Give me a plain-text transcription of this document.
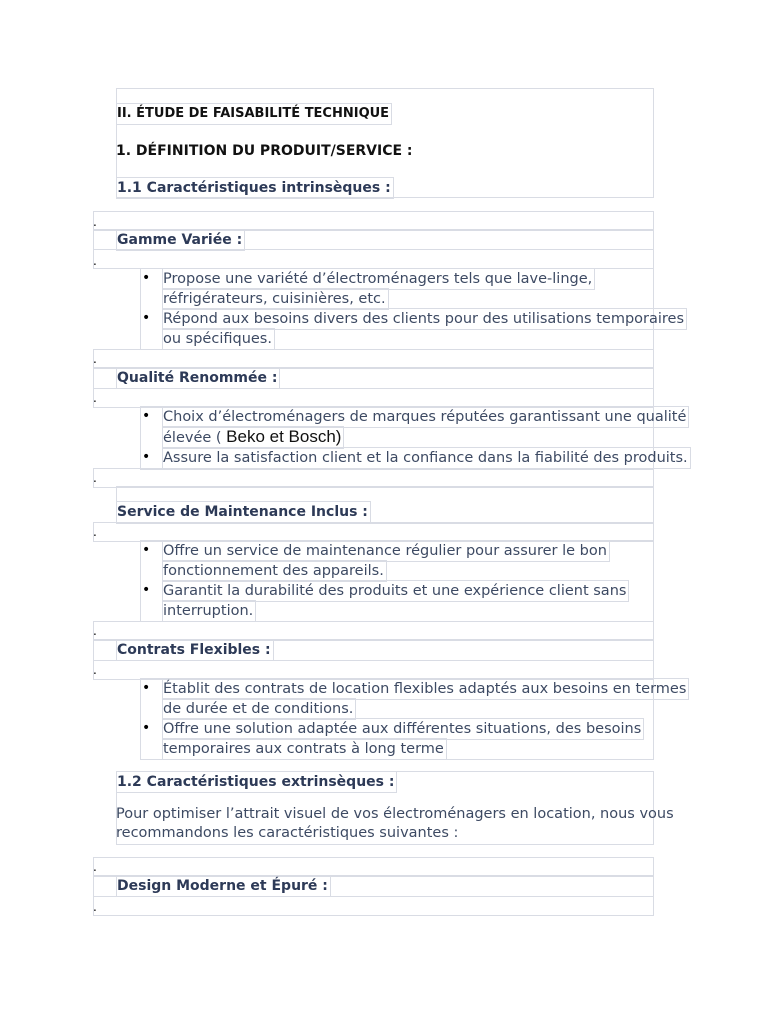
II. ÉTUDE DE FAISABILITÉ TECHNIQUE
1. DÉFINITION DU PRODUIT/SERVICE :
1.1 Caractéristiques intrinsèques :
.
Gamme Variée :
.
• Propose une variété d’électroménagers tels que lave-linge,
réfrigérateurs, cuisinières, etc.
• Répond aux besoins divers des clients pour des utilisations temporaires
ou spécifiques.
.
Qualité Renommée :
.
• Choix d’électroménagers de marques réputées garantissant une qualité
élevée ( Beko et Bosch)
• Assure la satisfaction client et la confiance dans la fiabilité des produits.
.
Service de Maintenance Inclus :
.
• Offre un service de maintenance régulier pour assurer le bon
fonctionnement des appareils.
• Garantit la durabilité des produits et une expérience client sans
interruption.
.
Contrats Flexibles :
.
• Établit des contrats de location flexibles adaptés aux besoins en termes
de durée et de conditions.
• Offre une solution adaptée aux différentes situations, des besoins
temporaires aux contrats à long terme
1.2 Caractéristiques extrinsèques :
Pour optimiser l’attrait visuel de vos électroménagers en location, nous vous
recommandons les caractéristiques suivantes :
.
Design Moderne et Épuré :
.
